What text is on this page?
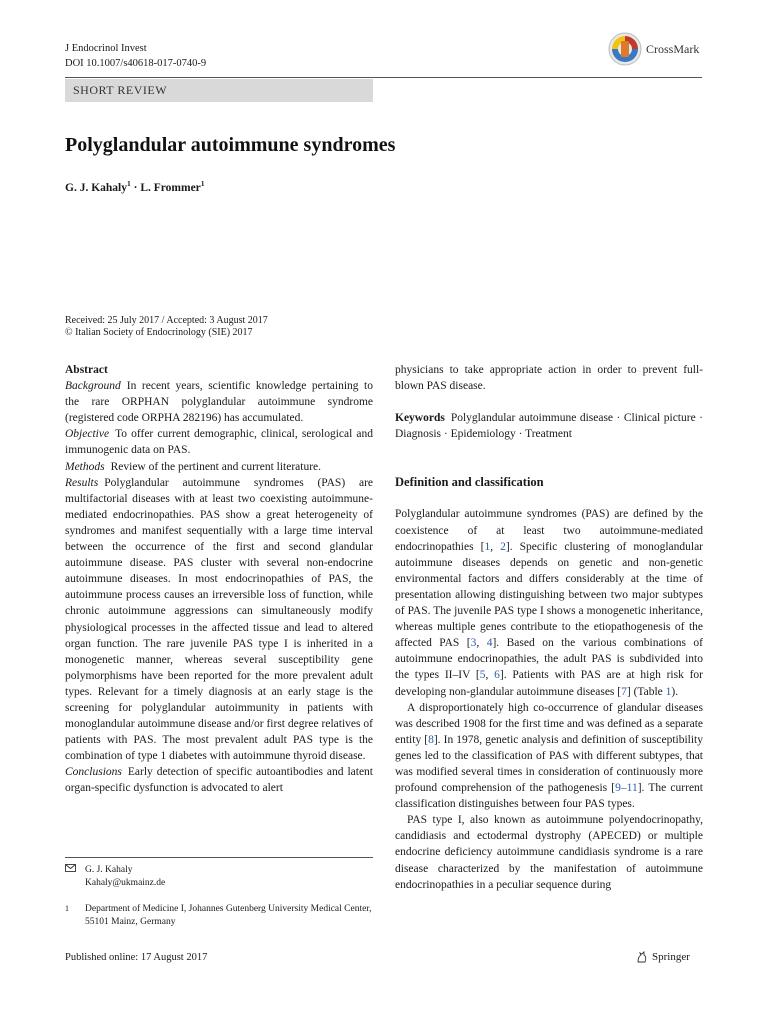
J Endocrinol Invest
DOI 10.1007/s40618-017-0740-9
CrossMark
SHORT REVIEW
Polyglandular autoimmune syndromes
G. J. Kahaly$^1$ · L. Frommer$^1$
Received: 25 July 2017 / Accepted: 3 August 2017
© Italian Society of Endocrinology (SIE) 2017

Abstract

Background In recent years, scientific knowledge pertaining to the rare ORPHAN polyglandular autoimmune syndrome (registered code ORPHA 282196) has accumulated.

Objective To offer current demographic, clinical, serological and immunogenic data on PAS.

Methods Review of the pertinent and current literature.

Results Polyglandular autoimmune syndromes (PAS) are multifactorial diseases with at least two coexisting autoimmune-mediated endocrinopathies. PAS show a great heterogeneity of syndromes and manifest sequentially with a large time interval between the occurrence of the first and second glandular autoimmune disease. PAS cluster with several non-endocrine autoimmune diseases. In most endocrinopathies of PAS, the autoimmune process causes an irreversible loss of function, while chronic autoimmune aggressions can simultaneously modify physiological processes in the affected tissue and lead to altered organ function. The rare juvenile PAS type I is inherited in a monogenetic manner, whereas several susceptibility gene polymorphisms have been reported for the more prevalent adult types. Relevant for a timely diagnosis at an early stage is the screening for polyglandular autoimmunity in patients with monoglandular autoimmune disease and/or first degree relatives of patients with PAS. The most prevalent adult PAS type is the combination of type 1 diabetes with autoimmune thyroid disease.

Conclusions Early detection of specific autoantibodies and latent organ-specific dysfunction is advocated to alert

physicians to take appropriate action in order to prevent full-blown PAS disease.

Keywords Polyglandular autoimmune disease · Clinical picture · Diagnosis · Epidemiology · Treatment

Definition and classification

Polyglandular autoimmune syndromes (PAS) are defined by the coexistence of at least two autoimmune-mediated endocrinopathies [1, 2]. Specific clustering of monoglandular autoimmune diseases depends on genetic and non-genetic environmental factors and differs considerably at the time of presentation allowing distinguishing between two major subtypes of PAS. The juvenile PAS type I shows a monogenetic inheritance, whereas multiple genes contribute to the etiopathogenesis of the affected PAS [3, 4]. Based on the various combinations of autoimmune endocrinopathies, the adult PAS is subdivided into the types II–IV [5, 6]. Patients with PAS are at high risk for developing non-glandular autoimmune diseases [7] (Table 1).

A disproportionately high co-occurrence of glandular diseases was described 1908 for the first time and was defined as a separate entity [8]. In 1978, genetic analysis and definition of susceptibility genes led to the classification of PAS with different subtypes, that was modified several times in consideration of continuously more profound comprehension of the pathogenesis [9–11]. The current classification distinguishes between four PAS types.

PAS type I, also known as autoimmune polyendocrinopathy, candidiasis and ectodermal dystrophy (APECED) or multiple endocrine deficiency autoimmune candidiasis syndrome is a rare disease characterized by the manifestation of autoimmune endocrinopathies in a peculiar sequence during

G. J. Kahaly
Kahaly@ukmainz.de
1	Department of Medicine I, Johannes Gutenberg University Medical Center, 55101 Mainz, Germany
Published online: 17 August 2017	Springer
